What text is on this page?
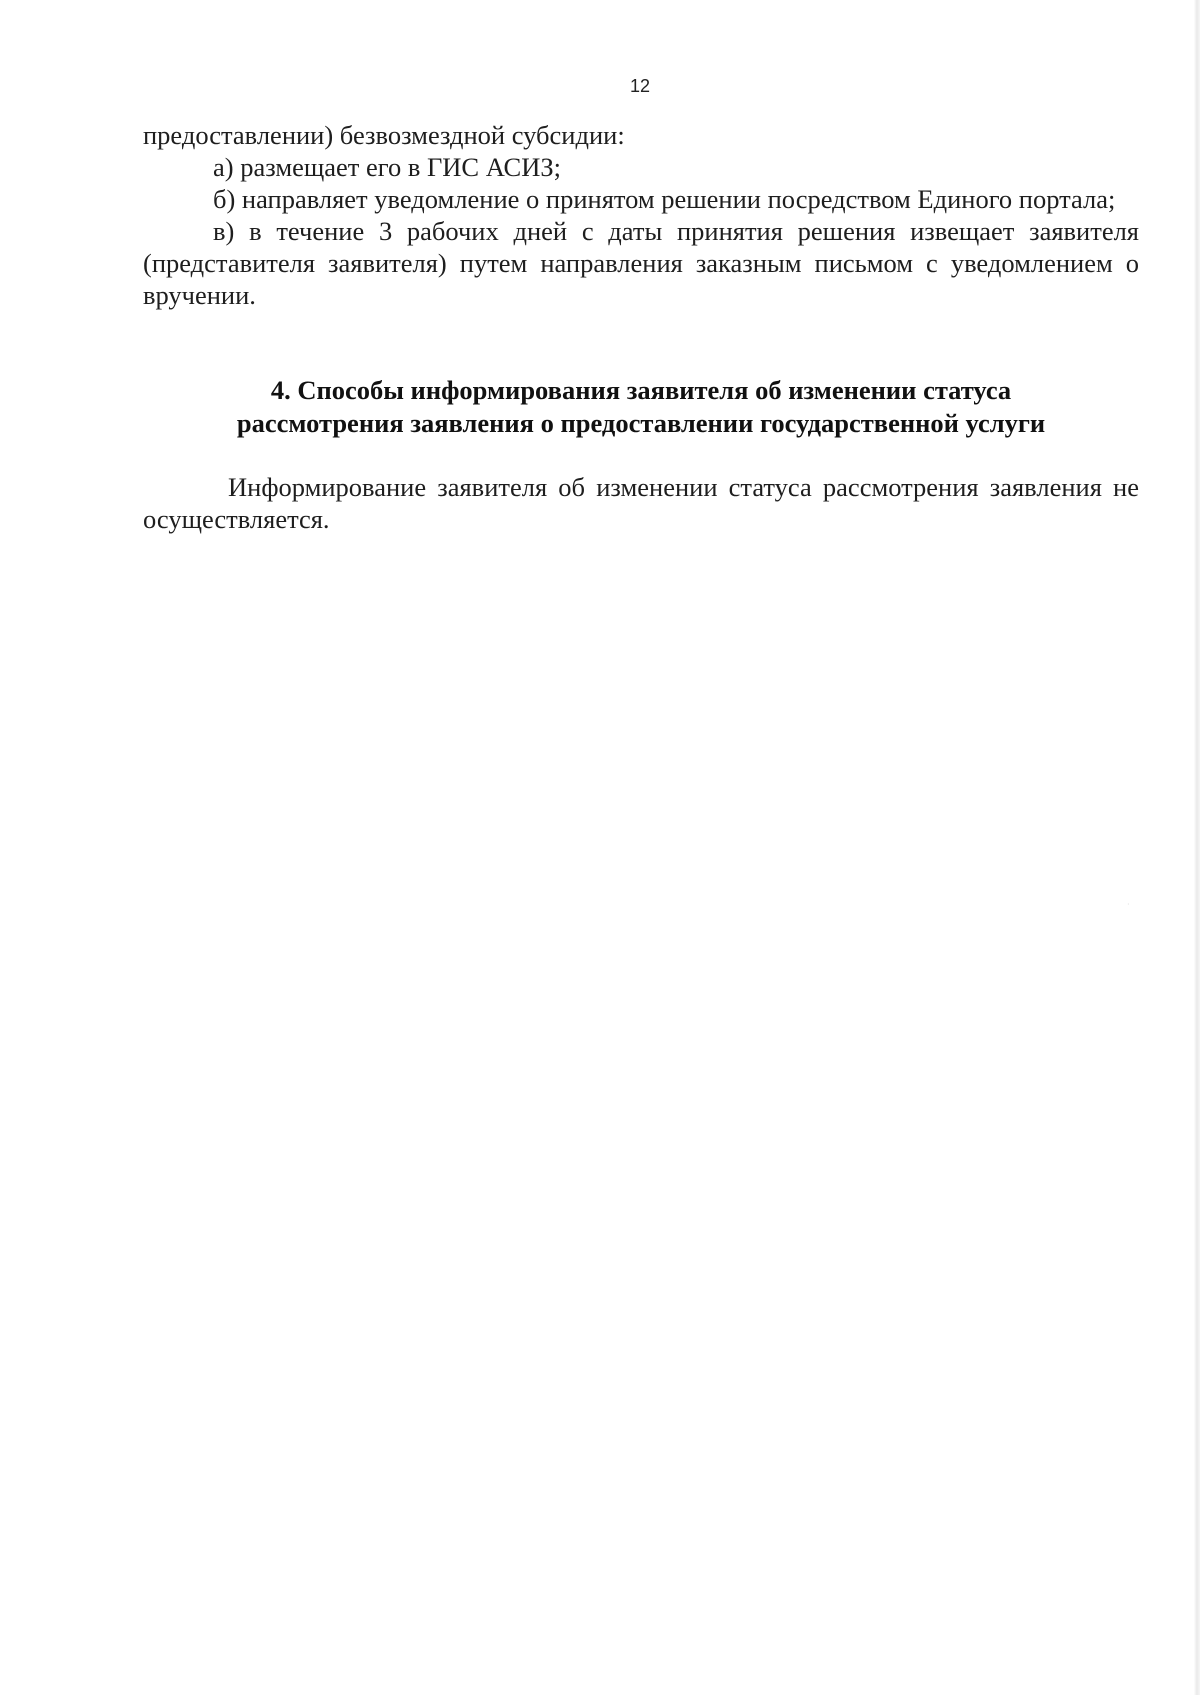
12

предоставлении) безвозмездной субсидии:

а) размещает его в ГИС АСИЗ;

б) направляет уведомление о принятом решении посредством Единого портала;

в) в течение 3 рабочих дней с даты принятия решения извещает заявителя (представителя заявителя) путем направления заказным письмом с уведомлением о вручении.

4. Способы информирования заявителя об изменении статуса
рассмотрения заявления о предоставлении государственной услуги

Информирование заявителя об изменении статуса рассмотрения заявления не осуществляется.

·
